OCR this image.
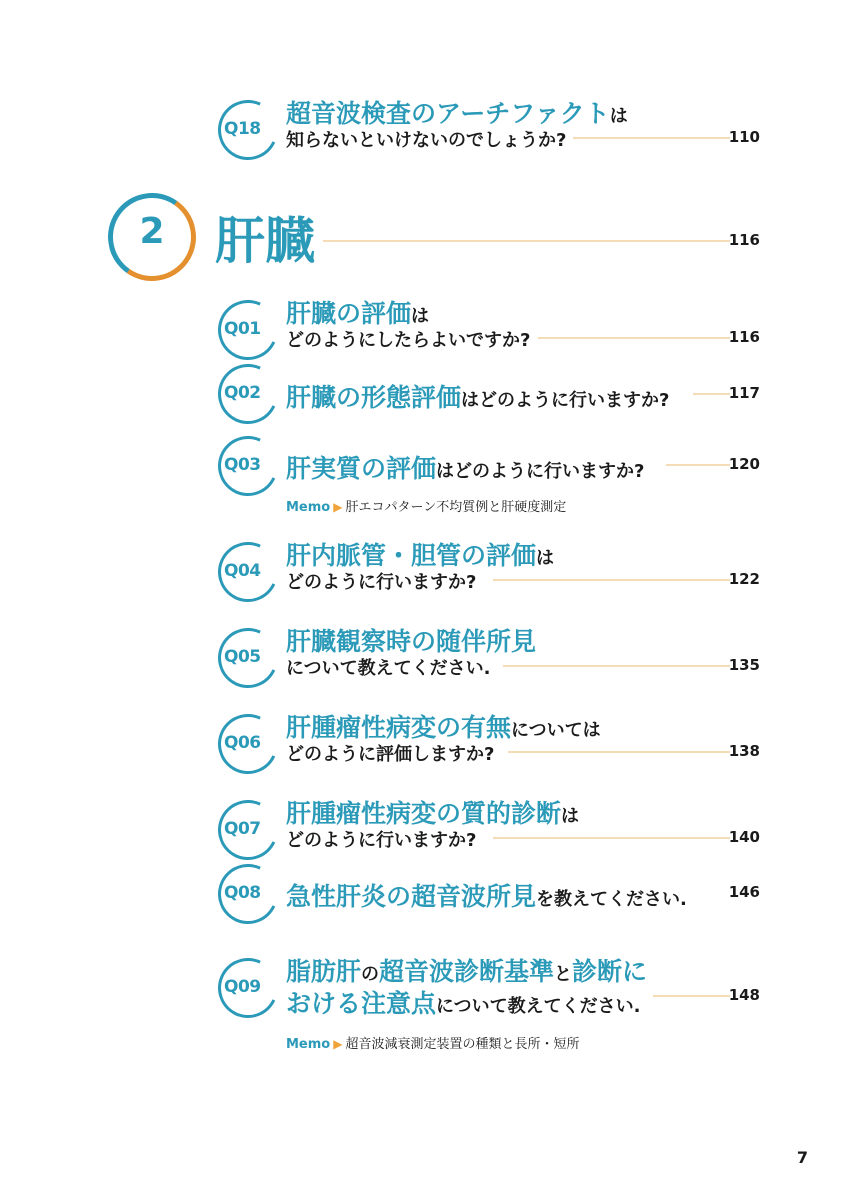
Q18
超音波検査のアーチファクトは
知らないといけないのでしょうか?	110
2	肝臓	116
Q01
肝臓の評価は
どのようにしたらよいですか?	116
Q02	肝臓の形態評価はどのように行いますか?	117
Q03	肝実質の評価はどのように行いますか?	120
Memo ▶ 肝エコパターン不均質例と肝硬度測定
Q04
肝内脈管・胆管の評価は
どのように行いますか?	122
Q05
肝臓観察時の随伴所見
について教えてください.	135
Q06
肝腫瘤性病変の有無については
どのように評価しますか?	138
Q07
肝腫瘤性病変の質的診断は
どのように行いますか?	140
Q08	急性肝炎の超音波所見を教えてください.	146
Q09
脂肪肝の超音波診断基準と診断に
おける注意点について教えてください.
148
Memo ▶ 超音波減衰測定装置の種類と長所・短所
7
